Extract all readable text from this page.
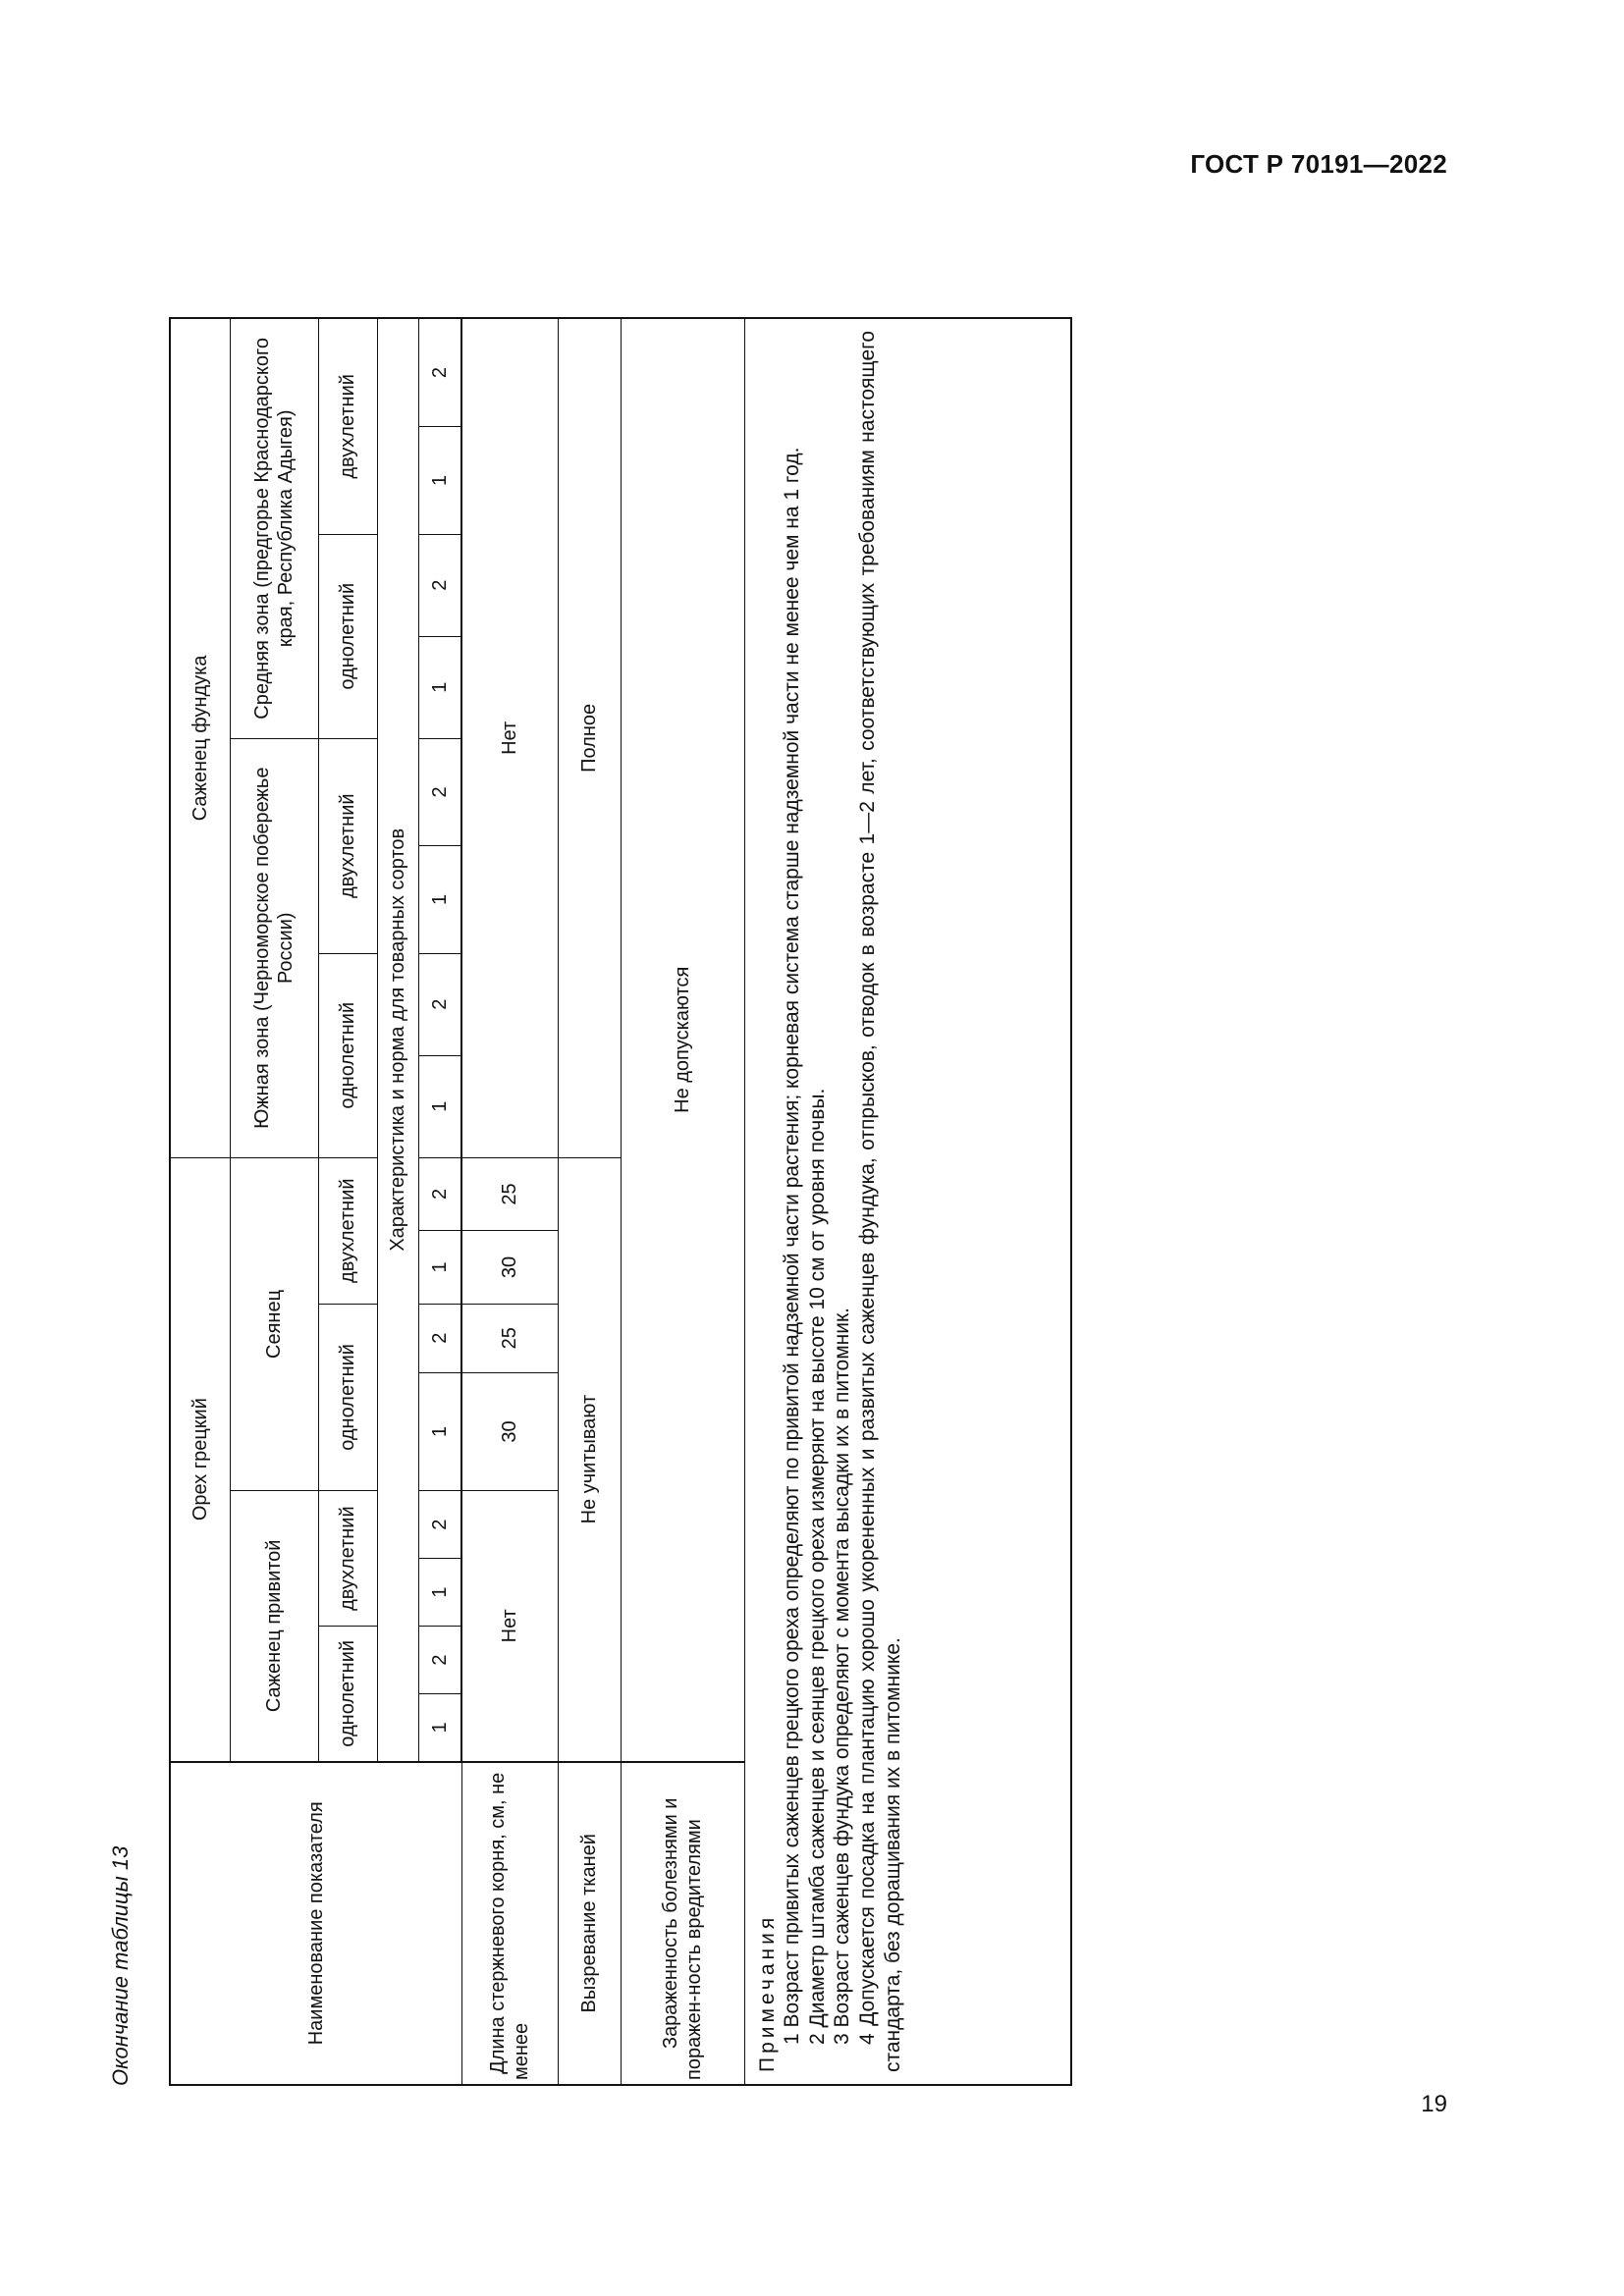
ГОСТ Р 70191—2022
19
Окончание таблицы 13	Наименование показателя	Орех грецкий								Саженец фундука							
	Саженец привитой				Сеянец				Южная зона (Черноморское побережье России)				Средняя зона (предгорье Краснодарского края, Республика Адыгея)			
	однолетний		двухлетний		однолетний		двухлетний		однолетний		двухлетний		однолетний		двухлетний	
	Характеристика и норма для товарных сортов															
	1	2	1	2	1	2	1	2	1	2	1	2	1	2	1	2
Длина стержневого корня, см, не менее	Нет				30	25	30	25	Нет							
Вызревание тканей	Не учитывают								Полное							
Зараженность болезнями и поражен-ность вредителями	Не допускаются															

Примечания 1 Возраст привитых саженцев грецкого ореха определяют по привитой надземной части растения; корневая система старше надземной части не менее чем на 1 год. 2 Диаметр штамба саженцев и сеянцев грецкого ореха измеряют на высоте 10 см от уровня почвы. 3 Возраст саженцев фундука определяют с момента высадки их в питомник. 4 Допускается посадка на плантацию хорошо укорененных и развитых саженцев фундука, отпрысков, отводок в возрасте 1—2 лет, соответствующих требованиям настоящего стандарта, без доращивания их в питомнике.
